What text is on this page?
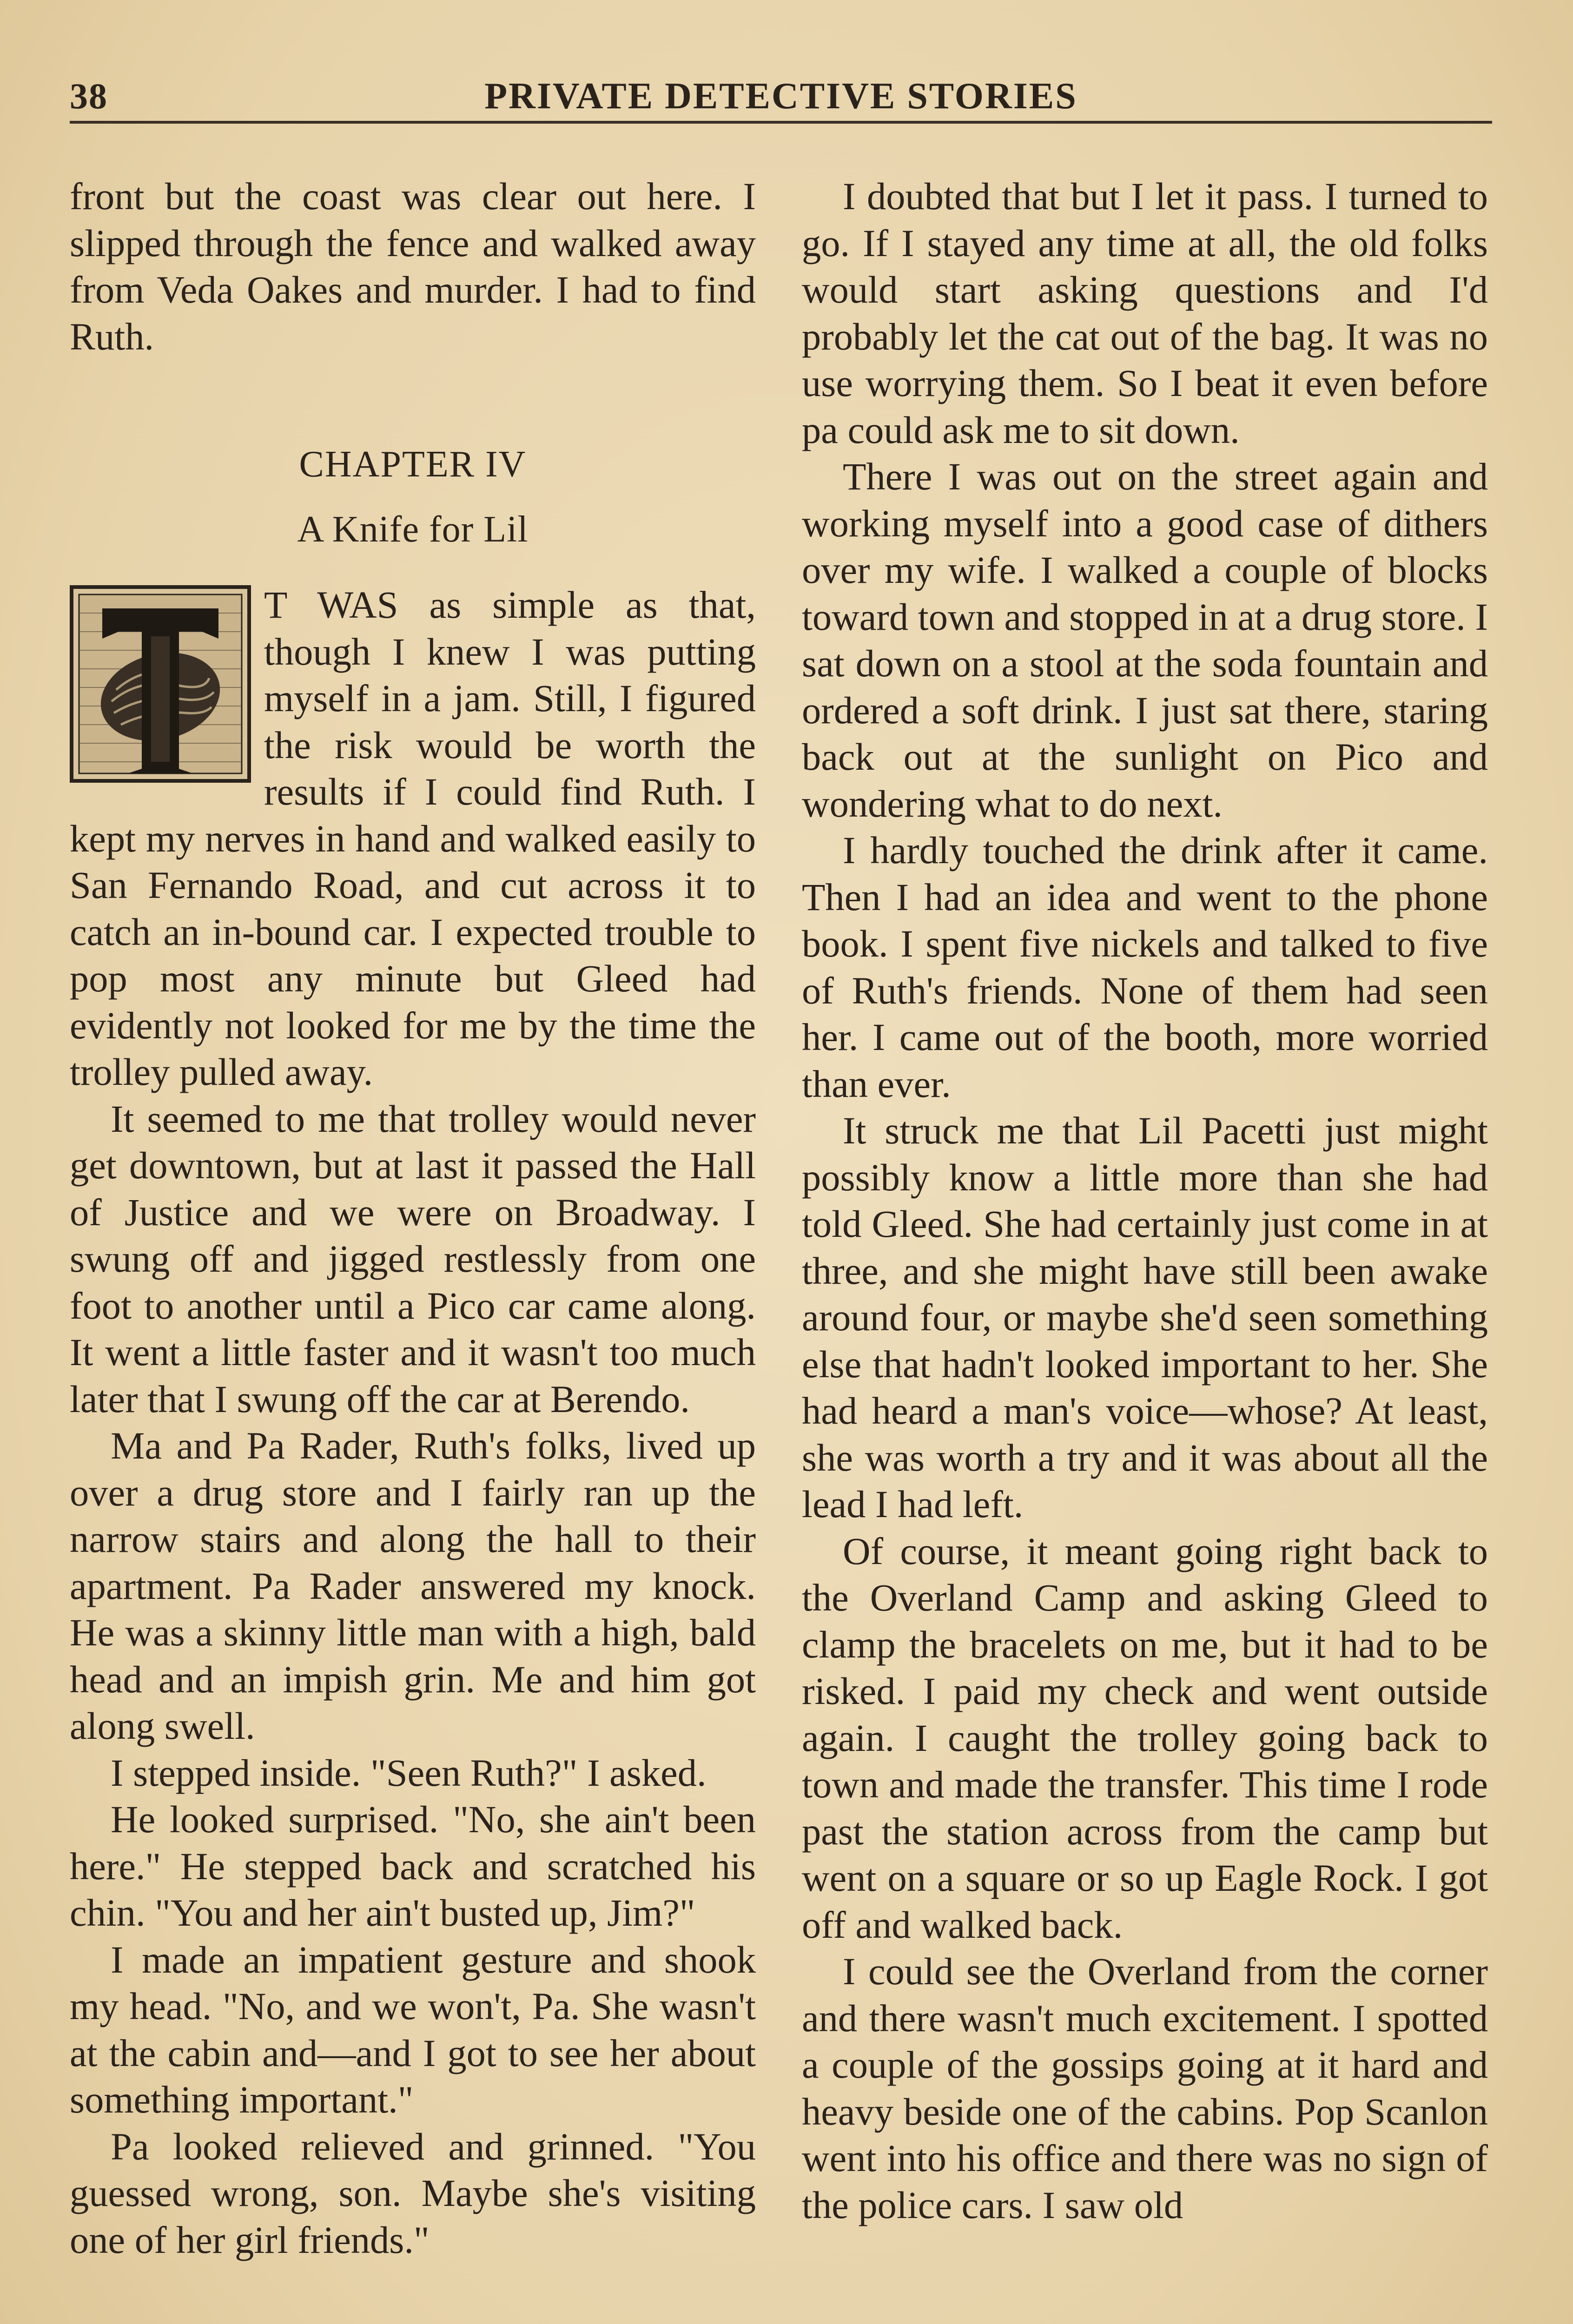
38	PRIVATE DETECTIVE STORIES

front but the coast was clear out here. I slipped through the fence and walked away from Veda Oakes and murder. I had to find Ruth.

CHAPTER IV
A Knife for Lil

T WAS as simple as that, though I knew I was putting myself in a jam. Still, I figured the risk would be worth the results if I could find Ruth. I kept my nerves in hand and walked easily to San Fernando Road, and cut across it to catch an in-bound car. I expected trouble to pop most any minute but Gleed had evidently not looked for me by the time the trolley pulled away.

It seemed to me that trolley would never get downtown, but at last it passed the Hall of Justice and we were on Broadway. I swung off and jigged restlessly from one foot to another until a Pico car came along. It went a little faster and it wasn't too much later that I swung off the car at Berendo.

Ma and Pa Rader, Ruth's folks, lived up over a drug store and I fairly ran up the narrow stairs and along the hall to their apartment. Pa Rader answered my knock. He was a skinny little man with a high, bald head and an impish grin. Me and him got along swell.

I stepped inside. "Seen Ruth?" I asked.

He looked surprised. "No, she ain't been here." He stepped back and scratched his chin. "You and her ain't busted up, Jim?"

I made an impatient gesture and shook my head. "No, and we won't, Pa. She wasn't at the cabin and—and I got to see her about something important."

Pa looked relieved and grinned. "You guessed wrong, son. Maybe she's visiting one of her girl friends."

I doubted that but I let it pass. I turned to go. If I stayed any time at all, the old folks would start asking questions and I'd probably let the cat out of the bag. It was no use worrying them. So I beat it even before pa could ask me to sit down.

There I was out on the street again and working myself into a good case of dithers over my wife. I walked a couple of blocks toward town and stopped in at a drug store. I sat down on a stool at the soda fountain and ordered a soft drink. I just sat there, staring back out at the sunlight on Pico and wondering what to do next.

I hardly touched the drink after it came. Then I had an idea and went to the phone book. I spent five nickels and talked to five of Ruth's friends. None of them had seen her. I came out of the booth, more worried than ever.

It struck me that Lil Pacetti just might possibly know a little more than she had told Gleed. She had certainly just come in at three, and she might have still been awake around four, or maybe she'd seen something else that hadn't looked important to her. She had heard a man's voice—whose? At least, she was worth a try and it was about all the lead I had left.

Of course, it meant going right back to the Overland Camp and asking Gleed to clamp the bracelets on me, but it had to be risked. I paid my check and went outside again. I caught the trolley going back to town and made the transfer. This time I rode past the station across from the camp but went on a square or so up Eagle Rock. I got off and walked back.

I could see the Overland from the corner and there wasn't much excitement. I spotted a couple of the gossips going at it hard and heavy beside one of the cabins. Pop Scanlon went into his office and there was no sign of the police cars. I saw old
